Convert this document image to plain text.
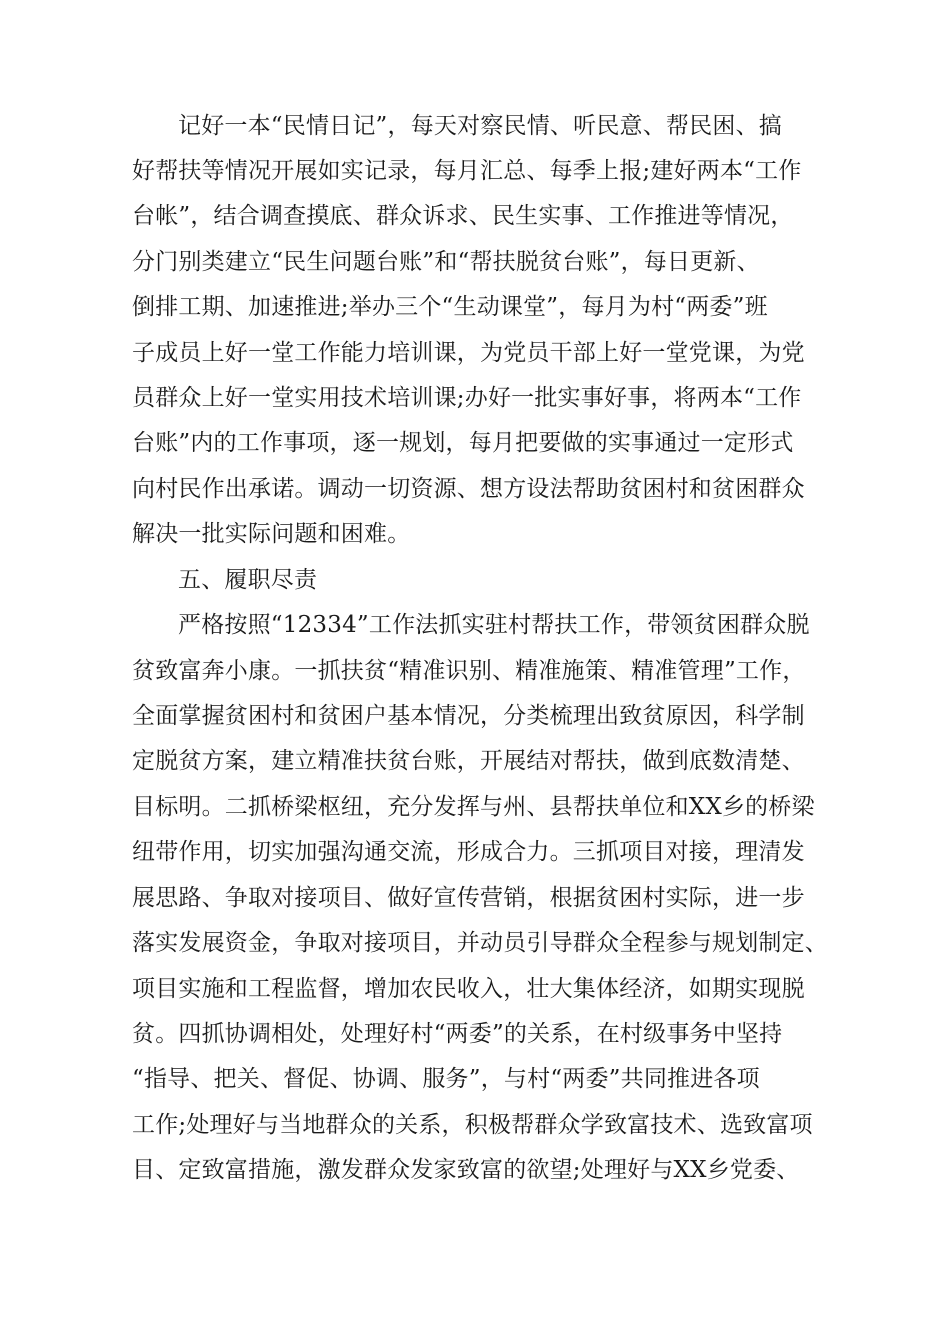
记好一本“民情日记”，每天对察民情、听民意、帮民困、搞
好帮扶等情况开展如实记录，每月汇总、每季上报;建好两本“工作
台帐”，结合调查摸底、群众诉求、民生实事、工作推进等情况，
分门别类建立“民生问题台账”和“帮扶脱贫台账”，每日更新、
倒排工期、加速推进;举办三个“生动课堂”，每月为村“两委”班
子成员上好一堂工作能力培训课，为党员干部上好一堂党课，为党
员群众上好一堂实用技术培训课;办好一批实事好事，将两本“工作
台账”内的工作事项，逐一规划，每月把要做的实事通过一定形式
向村民作出承诺。调动一切资源、想方设法帮助贫困村和贫困群众
解决一批实际问题和困难。
五、履职尽责
严格按照“12334”工作法抓实驻村帮扶工作，带领贫困群众脱
贫致富奔小康。一抓扶贫“精准识别、精准施策、精准管理”工作，
全面掌握贫困村和贫困户基本情况，分类梳理出致贫原因，科学制
定脱贫方案，建立精准扶贫台账，开展结对帮扶，做到底数清楚、
目标明。二抓桥梁枢纽，充分发挥与州、县帮扶单位和XX乡的桥梁
纽带作用，切实加强沟通交流，形成合力。三抓项目对接，理清发
展思路、争取对接项目、做好宣传营销，根据贫困村实际，进一步
落实发展资金，争取对接项目，并动员引导群众全程参与规划制定、
项目实施和工程监督，增加农民收入，壮大集体经济，如期实现脱
贫。四抓协调相处，处理好村“两委”的关系，在村级事务中坚持
“指导、把关、督促、协调、服务”，与村“两委”共同推进各项
工作;处理好与当地群众的关系，积极帮群众学致富技术、选致富项
目、定致富措施，激发群众发家致富的欲望;处理好与XX乡党委、
